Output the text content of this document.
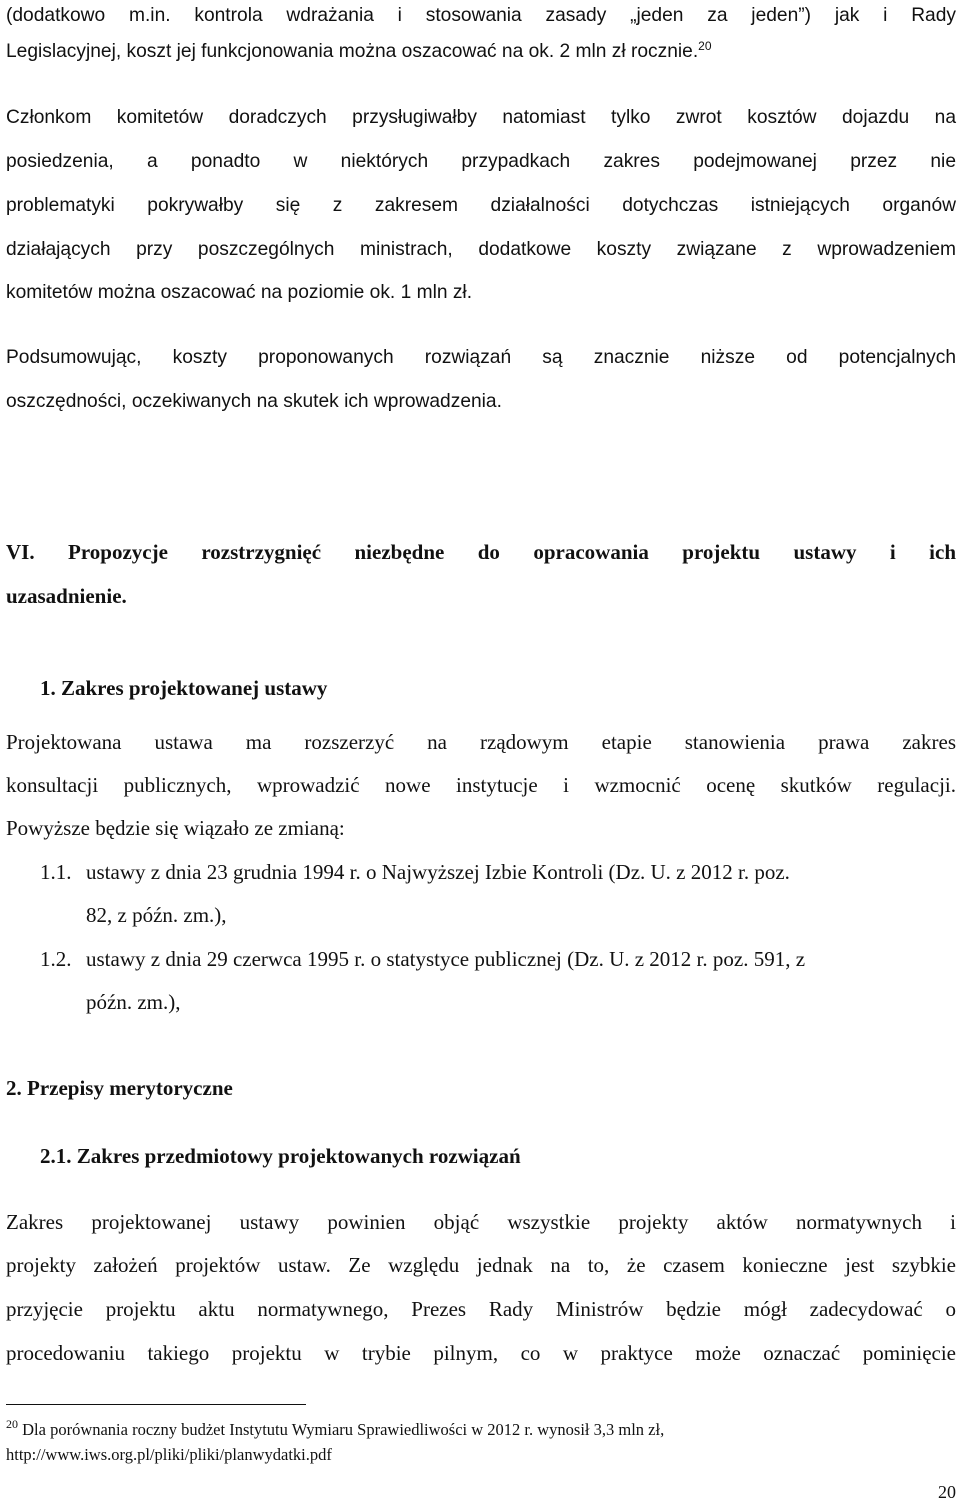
(dodatkowo m.in. kontrola wdrażania i stosowania zasady „jeden za jeden”) jak i Rady
Legislacyjnej, koszt jej funkcjonowania można oszacować na ok. 2 mln zł rocznie.$^{20}$
Członkom komitetów doradczych przysługiwałby natomiast tylko zwrot kosztów dojazdu na
posiedzenia, a ponadto w niektórych przypadkach zakres podejmowanej przez nie
problematyki pokrywałby się z zakresem działalności dotychczas istniejących organów
działających przy poszczególnych ministrach, dodatkowe koszty związane z wprowadzeniem
komitetów można oszacować na poziomie ok. 1 mln zł.
Podsumowując, koszty proponowanych rozwiązań są znacznie niższe od potencjalnych
oszczędności, oczekiwanych na skutek ich wprowadzenia.
VI. Propozycje rozstrzygnięć niezbędne do opracowania projektu ustawy i ich
uzasadnienie.
1. Zakres projektowanej ustawy
Projektowana ustawa ma rozszerzyć na rządowym etapie stanowienia prawa zakres
konsultacji publicznych, wprowadzić nowe instytucje i wzmocnić ocenę skutków regulacji.
Powyższe będzie się wiązało ze zmianą:
1.1. ustawy z dnia 23 grudnia 1994 r. o Najwyższej Izbie Kontroli (Dz. U. z 2012 r. poz.
82, z późn. zm.),
1.2. ustawy z dnia 29 czerwca 1995 r. o statystyce publicznej (Dz. U. z 2012 r. poz. 591, z
późn. zm.),
2. Przepisy merytoryczne
2.1. Zakres przedmiotowy projektowanych rozwiązań
Zakres projektowanej ustawy powinien objąć wszystkie projekty aktów normatywnych i
projekty założeń projektów ustaw. Ze względu jednak na to, że czasem konieczne jest szybkie
przyjęcie projektu aktu normatywnego, Prezes Rady Ministrów będzie mógł zadecydować o
procedowaniu takiego projektu w trybie pilnym, co w praktyce może oznaczać pominięcie
$^{20}$ Dla porównania roczny budżet Instytutu Wymiaru Sprawiedliwości w 2012 r. wynosił 3,3 mln zł,
http://www.iws.org.pl/pliki/pliki/planwydatki.pdf
20
